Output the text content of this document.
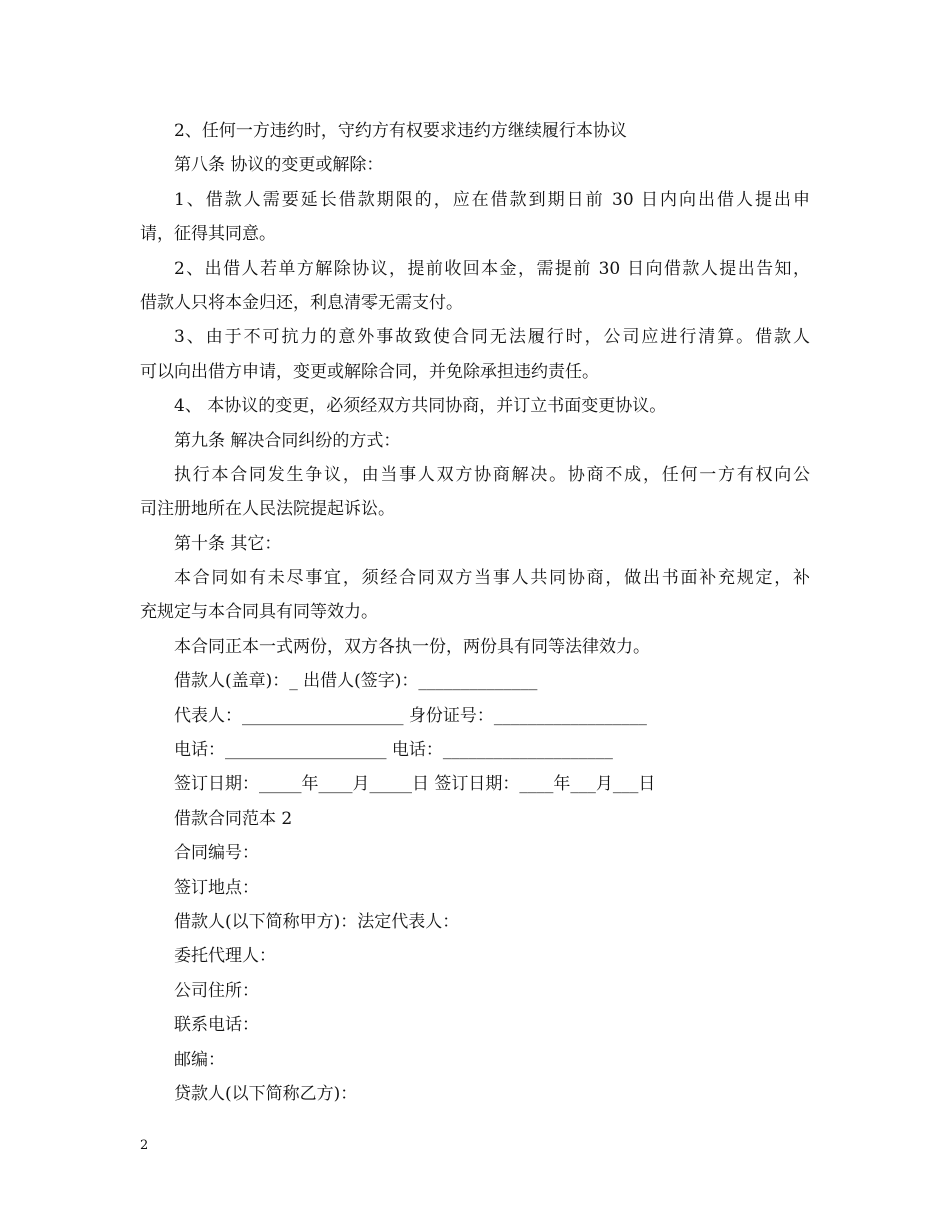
2、任何一方违约时，守约方有权要求违约方继续履行本协议
第八条 协议的变更或解除：
1、借款人需要延长借款期限的，应在借款到期日前 30 日内向出借人提出申
请，征得其同意。
2、出借人若单方解除协议，提前收回本金，需提前 30 日向借款人提出告知，
借款人只将本金归还，利息清零无需支付。
3、由于不可抗力的意外事故致使合同无法履行时，公司应进行清算。借款人
可以向出借方申请，变更或解除合同，并免除承担违约责任。
4、 本协议的变更，必须经双方共同协商，并订立书面变更协议。
第九条 解决合同纠纷的方式：
执行本合同发生争议，由当事人双方协商解决。协商不成，任何一方有权向公
司注册地所在人民法院提起诉讼。
第十条 其它：
本合同如有未尽事宜，须经合同双方当事人共同协商，做出书面补充规定，补
充规定与本合同具有同等效力。
本合同正本一式两份，双方各执一份，两份具有同等法律效力。
借款人(盖章)：_ 出借人(签字)：______________
代表人：___________________ 身份证号：__________________
电话：___________________ 电话：____________________
签订日期：_____年____月_____日 签订日期：____年___月___日
借款合同范本 2
合同编号：
签订地点：
借款人(以下简称甲方)：法定代表人：
委托代理人：
公司住所：
联系电话：
邮编：
贷款人(以下简称乙方)：
2
